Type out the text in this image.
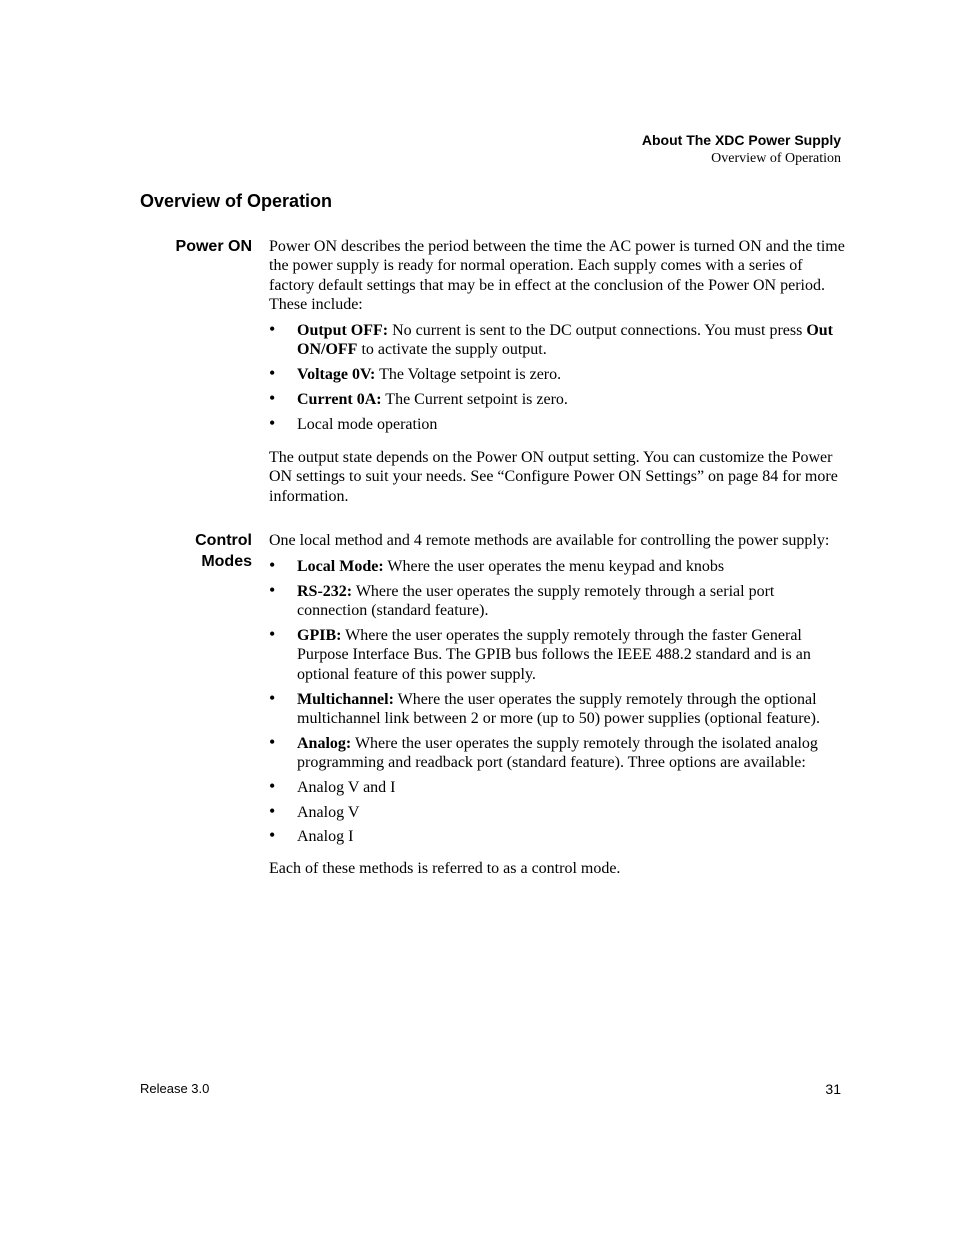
About The XDC Power Supply
Overview of Operation
Overview of Operation
Power ON Power ON describes the period between the time the AC power is turned ON and the time the power supply is ready for normal operation. Each supply comes with a series of factory default settings that may be in effect at the conclusion of the Power ON period. These include:

• Output OFF: No current is sent to the DC output connections. You must press Out ON/OFF to activate the supply output.
• Voltage 0V: The Voltage setpoint is zero.
• Current 0A: The Current setpoint is zero.
• Local mode operation

The output state depends on the Power ON output setting. You can customize the Power ON settings to suit your needs. See “Configure Power ON Settings” on page 84 for more information.

Control
Modes

One local method and 4 remote methods are available for controlling the power supply:

• Local Mode: Where the user operates the menu keypad and knobs
• RS-232: Where the user operates the supply remotely through a serial port connection (standard feature).
• GPIB: Where the user operates the supply remotely through the faster General Purpose Interface Bus. The GPIB bus follows the IEEE 488.2 standard and is an optional feature of this power supply.
• Multichannel: Where the user operates the supply remotely through the optional multichannel link between 2 or more (up to 50) power supplies (optional feature).
• Analog: Where the user operates the supply remotely through the isolated analog programming and readback port (standard feature). Three options are available:
• Analog V and I
• Analog V
• Analog I

Each of these methods is referred to as a control mode.

Release 3.0	31
